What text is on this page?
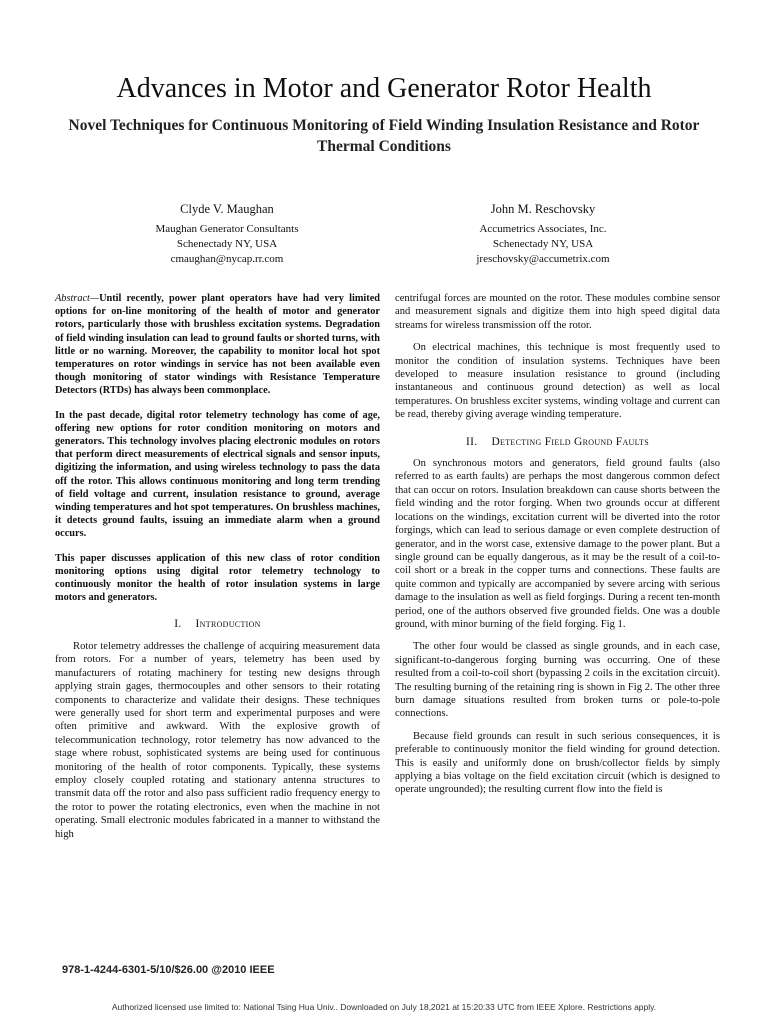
Advances in Motor and Generator Rotor Health
Novel Techniques for Continuous Monitoring of Field Winding Insulation Resistance and Rotor Thermal Conditions
Clyde V. Maughan
Maughan Generator Consultants
Schenectady NY, USA
cmaughan@nycap.rr.com
John M. Reschovsky
Accumetrics Associates, Inc.
Schenectady NY, USA
jreschovsky@accumetrix.com

Abstract—Until recently, power plant operators have had very limited options for on-line monitoring of the health of motor and generator rotors, particularly those with brushless excitation systems. Degradation of field winding insulation can lead to ground faults or shorted turns, with little or no warning. Moreover, the capability to monitor local hot spot temperatures on rotor windings in service has not been available even though monitoring of stator windings with Resistance Temperature Detectors (RTDs) has always been commonplace.

In the past decade, digital rotor telemetry technology has come of age, offering new options for rotor condition monitoring on motors and generators. This technology involves placing electronic modules on rotors that perform direct measurements of electrical signals and sensor inputs, digitizing the information, and using wireless technology to pass the data off the rotor. This allows continuous monitoring and long term trending of field voltage and current, insulation resistance to ground, average winding temperatures and hot spot temperatures. On brushless machines, it detects ground faults, issuing an immediate alarm when a ground occurs.

This paper discusses application of this new class of rotor condition monitoring options using digital rotor telemetry technology to continuously monitor the health of rotor insulation systems in large motors and generators.

I. Introduction

Rotor telemetry addresses the challenge of acquiring measurement data from rotors. For a number of years, telemetry has been used by manufacturers of rotating machinery for testing new designs through applying strain gages, thermocouples and other sensors to their rotating components to characterize and validate their designs. These techniques were generally used for short term and experimental purposes and were often primitive and awkward. With the explosive growth of telecommunication technology, rotor telemetry has now advanced to the stage where robust, sophisticated systems are being used for continuous monitoring of the health of rotor components. Typically, these systems employ closely coupled rotating and stationary antenna structures to transmit data off the rotor and also pass sufficient radio frequency energy to the rotor to power the rotating electronics, even when the machine in not operating. Small electronic modules fabricated in a manner to withstand the high

centrifugal forces are mounted on the rotor. These modules combine sensor and measurement signals and digitize them into high speed digital data streams for wireless transmission off the rotor.

On electrical machines, this technique is most frequently used to monitor the condition of insulation systems. Techniques have been developed to measure insulation resistance to ground (including instantaneous and continuous ground detection) as well as local temperatures. On brushless exciter systems, winding voltage and current can be read, thereby giving average winding temperature.

II. Detecting Field Ground Faults

On synchronous motors and generators, field ground faults (also referred to as earth faults) are perhaps the most dangerous common defect that can occur on rotors. Insulation breakdown can cause shorts between the field winding and the rotor forging. When two grounds occur at different locations on the windings, excitation current will be diverted into the rotor forgings, which can lead to serious damage or even complete destruction of generator, and in the worst case, extensive damage to the power plant. But a single ground can be equally dangerous, as it may be the result of a coil-to-coil short or a break in the copper turns and connections. These faults are quite common and typically are accompanied by severe arcing with serious damage to the insulation as well as field forgings. During a recent ten-month period, one of the authors observed five grounded fields. One was a double ground, with minor burning of the field forging. Fig 1.

The other four would be classed as single grounds, and in each case, significant-to-dangerous forging burning was occurring. One of these resulted from a coil-to-coil short (bypassing 2 coils in the excitation circuit). The resulting burning of the retaining ring is shown in Fig 2. The other three burn damage situations resulted from broken turns or pole-to-pole connections.

Because field grounds can result in such serious consequences, it is preferable to continuously monitor the field winding for ground detection. This is easily and uniformly done on brush/collector fields by simply applying a bias voltage on the field excitation circuit (which is designed to operate ungrounded); the resulting current flow into the field is

978-1-4244-6301-5/10/$26.00 @2010 IEEE
Authorized licensed use limited to: National Tsing Hua Univ.. Downloaded on July 18,2021 at 15:20:33 UTC from IEEE Xplore. Restrictions apply.
